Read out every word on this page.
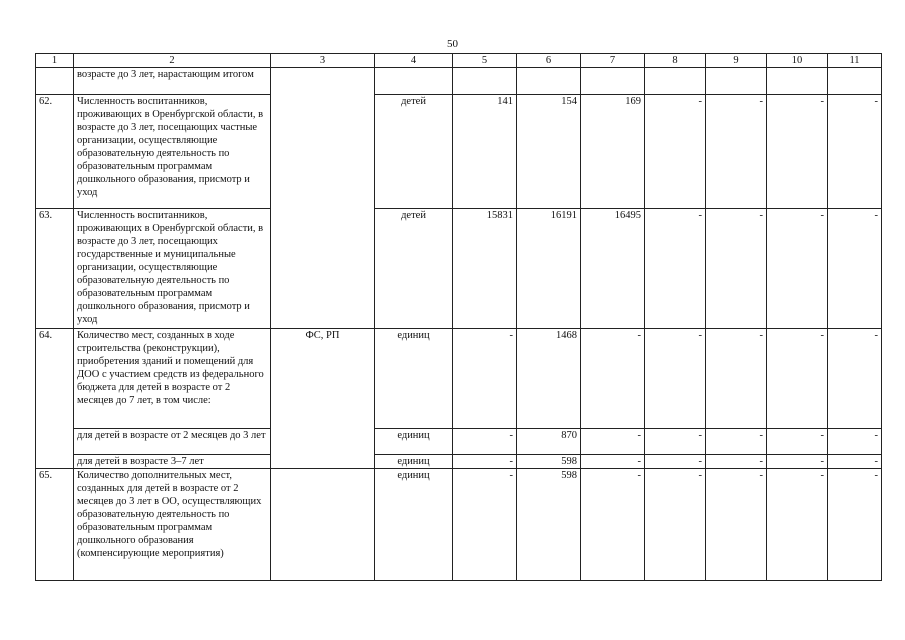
50
1	2	3	4	5	6	7	8	9	10	11
	возрасте до 3 лет, нарастающим итогом									
62.	Численность воспитанников, проживающих в Оренбургской области, в возрасте до 3 лет, посещающих частные организации, осуществляющие образовательную деятельность по образовательным программам дошкольного образования, присмотр и уход		детей	141	154	169	-	-	-	-
63.	Численность воспитанников, проживающих в Оренбургской области, в возрасте до 3 лет, посещающих государственные и муниципальные организации, осуществляющие образовательную деятельность по образовательным программам дошкольного образования, присмотр и уход		детей	15831	16191	16495	-	-	-	-
64.	Количество мест, созданных в ходе строительства (реконструкции), приобретения зданий и помещений для ДОО с участием средств из федерального бюджета для детей в возрасте от 2 месяцев до 7 лет, в том числе:	ФС, РП	единиц	-	1468	-	-	-	-	-
	для детей в возрасте от 2 месяцев до 3 лет		единиц	-	870	-	-	-	-	-
	для детей в возрасте 3–7 лет		единиц	-	598	-	-	-	-	-
65.	Количество дополнительных мест, созданных для детей в возрасте от 2 месяцев до 3 лет в ОО, осуществляющих образовательную деятельность по образовательным программам дошкольного образования (компенсирующие мероприятия)		единиц	-	598	-	-	-	-	-
